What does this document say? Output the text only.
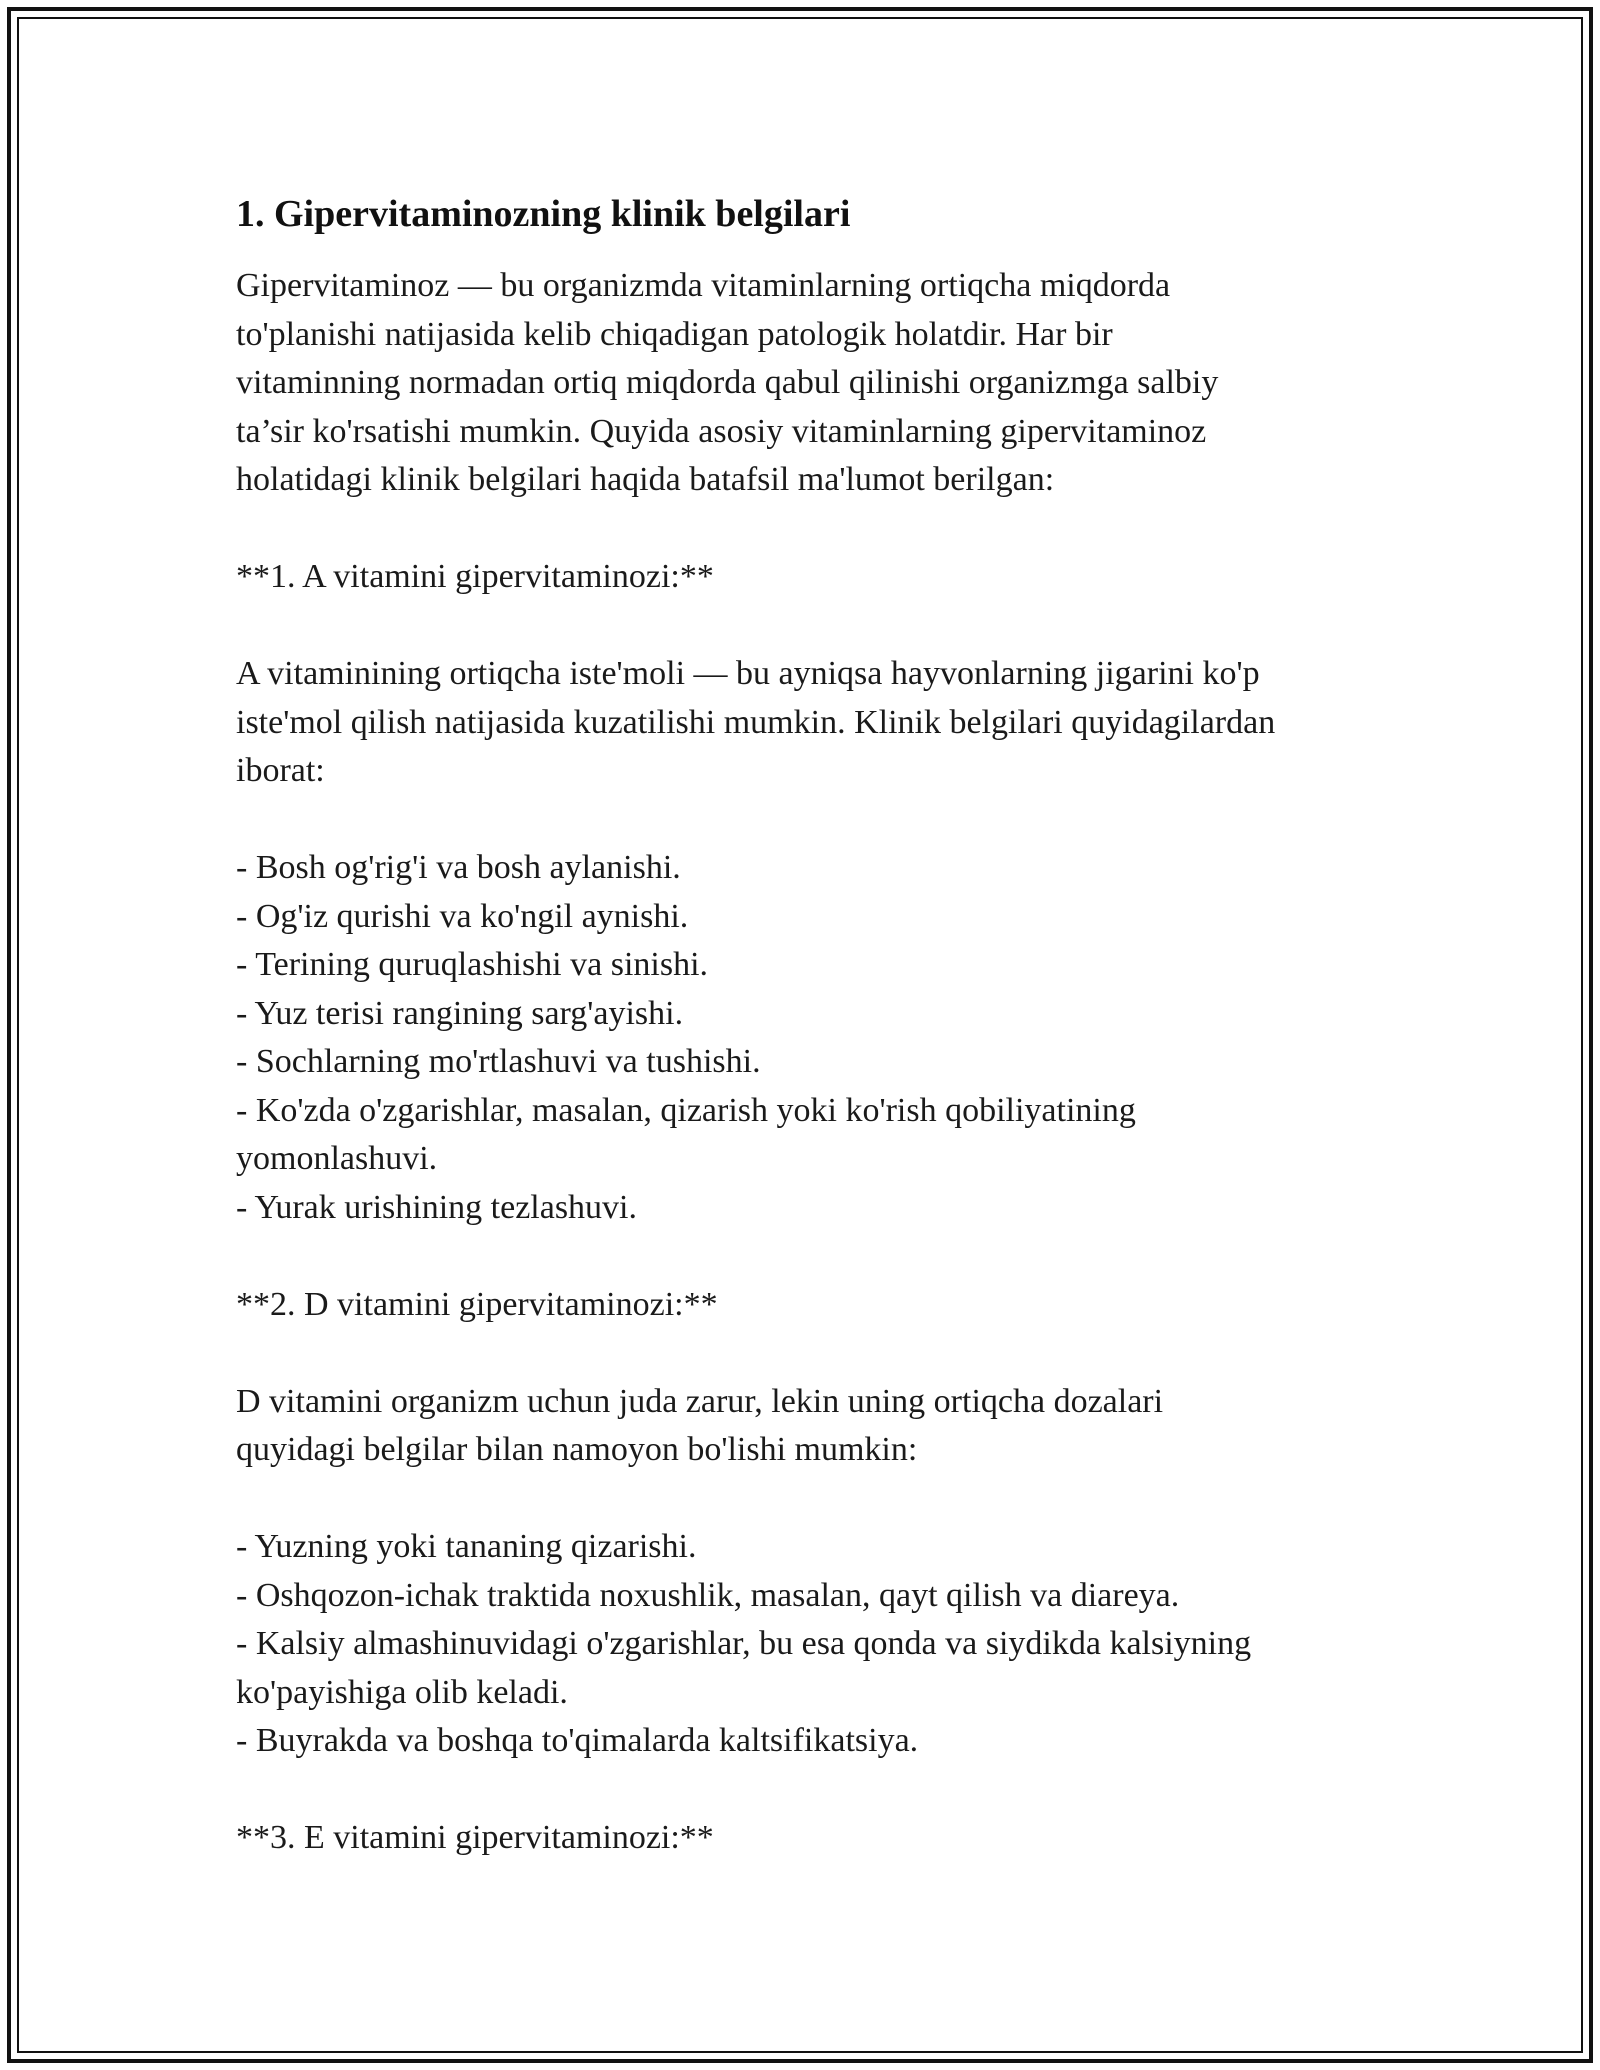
1. Gipervitaminozning klinik belgilari

Gipervitaminoz — bu organizmda vitaminlarning ortiqcha miqdorda
to'planishi natijasida kelib chiqadigan patologik holatdir. Har bir
vitaminning normadan ortiq miqdorda qabul qilinishi organizmga salbiy
ta’sir ko'rsatishi mumkin. Quyida asosiy vitaminlarning gipervitaminoz
holatidagi klinik belgilari haqida batafsil ma'lumot berilgan:

**1. A vitamini gipervitaminozi:**

A vitaminining ortiqcha iste'moli — bu ayniqsa hayvonlarning jigarini ko'p
iste'mol qilish natijasida kuzatilishi mumkin. Klinik belgilari quyidagilardan
iborat:

- Bosh og'rig'i va bosh aylanishi.

- Og'iz qurishi va ko'ngil aynishi.

- Terining quruqlashishi va sinishi.

- Yuz terisi rangining sarg'ayishi.

- Sochlarning mo'rtlashuvi va tushishi.

- Ko'zda o'zgarishlar, masalan, qizarish yoki ko'rish qobiliyatining
yomonlashuvi.

- Yurak urishining tezlashuvi.

**2. D vitamini gipervitaminozi:**

D vitamini organizm uchun juda zarur, lekin uning ortiqcha dozalari
quyidagi belgilar bilan namoyon bo'lishi mumkin:

- Yuzning yoki tananing qizarishi.

- Oshqozon-ichak traktida noxushlik, masalan, qayt qilish va diareya.

- Kalsiy almashinuvidagi o'zgarishlar, bu esa qonda va siydikda kalsiyning
ko'payishiga olib keladi.

- Buyrakda va boshqa to'qimalarda kaltsifikatsiya.

**3. E vitamini gipervitaminozi:**
